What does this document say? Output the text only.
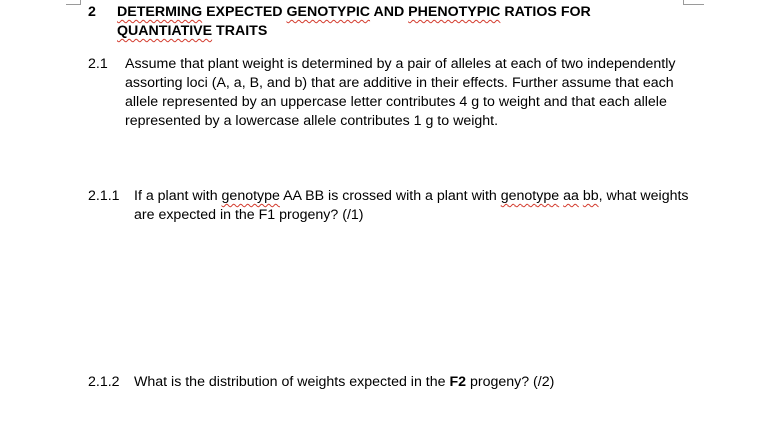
2 DETERMING EXPECTED GENOTYPIC AND PHENOTYPIC RATIOS FOR
QUANTIATIVE TRAITS
2.1 Assume that plant weight is determined by a pair of alleles at each of two independently assorting loci (A, a, B, and b) that are additive in their effects. Further assume that each allele represented by an uppercase letter contributes 4 g to weight and that each allele represented by a lowercase allele contributes 1 g to weight.
2.1.1 If a plant with genotype AA BB is crossed with a plant with genotype aa bb, what weights are expected in the F1 progeny? (/1)
2.1.2 What is the distribution of weights expected in the F2 progeny? (/2)
